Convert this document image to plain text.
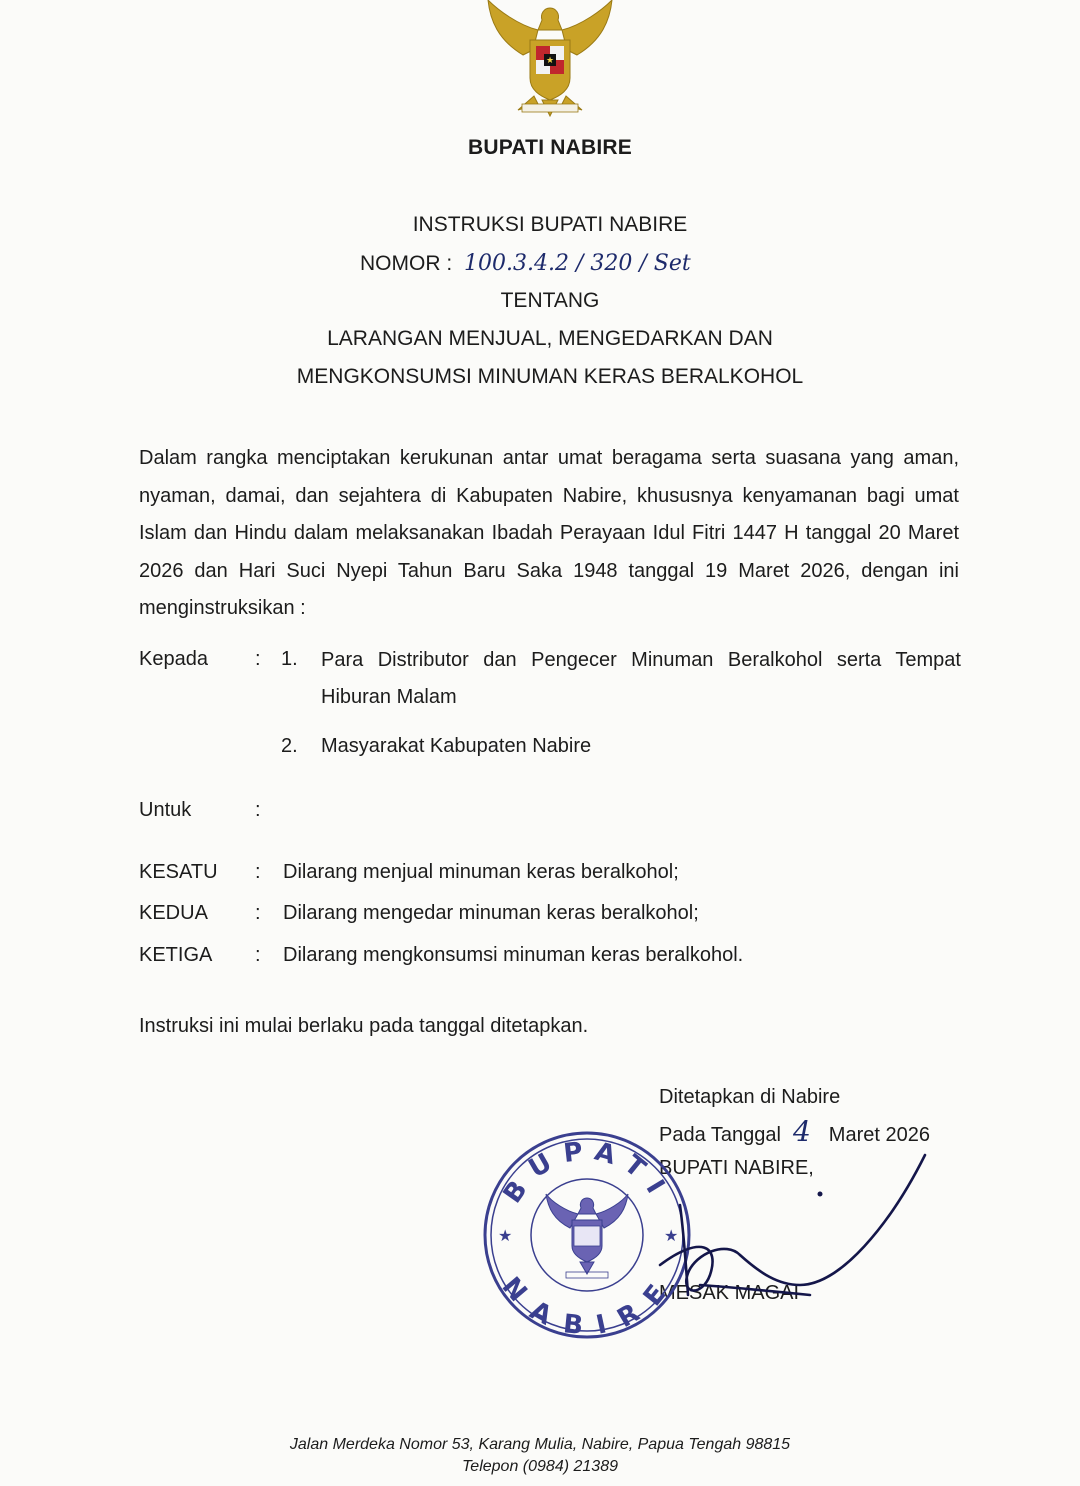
★
BUPATI NABIRE
INSTRUKSI BUPATI NABIRE
NOMOR : 100.3.4.2 / 320 / Set
TENTANG
LARANGAN MENJUAL, MENGEDARKAN DAN
MENGKONSUMSI MINUMAN KERAS BERALKOHOL
Dalam rangka menciptakan kerukunan antar umat beragama serta suasana yang aman, nyaman, damai, dan sejahtera di Kabupaten Nabire, khususnya kenyamanan bagi umat Islam dan Hindu dalam melaksanakan Ibadah Perayaan Idul Fitri 1447 H tanggal 20 Maret 2026 dan Hari Suci Nyepi Tahun Baru Saka 1948 tanggal 19 Maret 2026, dengan ini menginstruksikan :
Kepada : 1. Para Distributor dan Pengecer Minuman Beralkohol serta Tempat Hiburan Malam
2. Masyarakat Kabupaten Nabire
Untuk	:
KESATU : Dilarang menjual minuman keras beralkohol;
KEDUA : Dilarang mengedar minuman keras beralkohol;
KETIGA : Dilarang mengkonsumsi minuman keras beralkohol.
Instruksi ini mulai berlaku pada tanggal ditetapkan.
Ditetapkan di Nabire
Pada Tanggal 4 Maret 2026
BUPATI NABIRE,
MESAK MAGAI
BUPATI
NABIRE
★	★
Jalan Merdeka Nomor 53, Karang Mulia, Nabire, Papua Tengah 98815
Telepon (0984) 21389
